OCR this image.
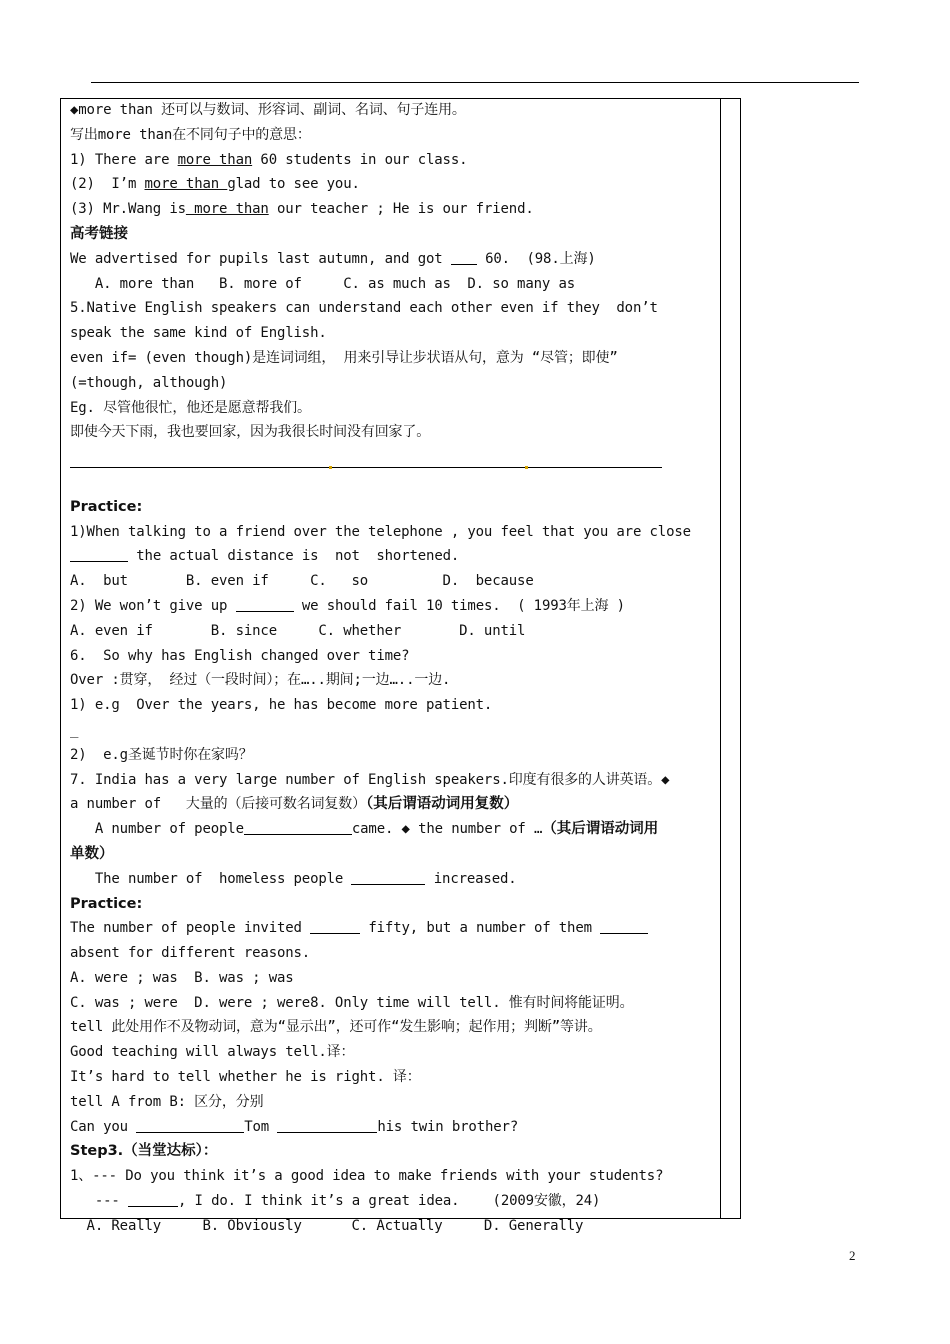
◆more than 还可以与数词、形容词、副词、名词、句子连用。
写出more than在不同句子中的意思：
1) There are more than 60 students in our class.
(2)  I’m more than glad to see you.
(3) Mr.Wang is more than our teacher ; He is our friend.
高考链接
We advertised for pupils last autumn, and got  60.  (98.上海)
A. more than   B. more of     C. as much as  D. so many as
5.Native English speakers can understand each other even if they  don’t
speak the same kind of English.
even if= (even though)是连词词组， 用来引导让步状语从句，意为 “尽管；即使”
(=though, although)
Eg. 尽管他很忙，他还是愿意帮我们。
即使今天下雨，我也要回家，因为我很长时间没有回家了。

Practice:
1)When talking to a friend over the telephone , you feel that you are close
the actual distance is  not  shortened.
A.  but       B. even if     C.   so         D.  because
2) We won’t give up	we should fail 10 times.  ( 1993年上海 )
A. even if       B. since     C. whether       D. until
6.  So why has English changed over time?
Over :贯穿， 经过（一段时间）；在…..期间;一边…..一边.
1) e.g  Over the years, he has become more patient.
_
2)  e.g圣诞节时你在家吗？
7. India has a very large number of English speakers.印度有很多的人讲英语。◆
a number of   大量的（后接可数名词复数）（其后谓语动词用复数）
A number of people	came. ◆ the number of …（其后谓语动词用
单数）
The number of  homeless people	increased.
Practice:
The number of people invited	fifty, but a number of them
absent for different reasons.
A. were ; was  B. was ; was
C. was ; were  D. were ; were8. Only time will tell. 惟有时间将能证明。
tell 此处用作不及物动词，意为“显示出”，还可作“发生影响；起作用；判断”等讲。
Good teaching will always tell.译：
It’s hard to tell whether he is right. 译：
tell A from B: 区分，分别
Can you	Tom	his twin brother?
Step3.（当堂达标）：
1、--- Do you think it’s a good idea to make friends with your students?
---	, I do. I think it’s a great idea.    (2009安徽，24)
A. Really     B. Obviously      C. Actually     D. Generally
2
